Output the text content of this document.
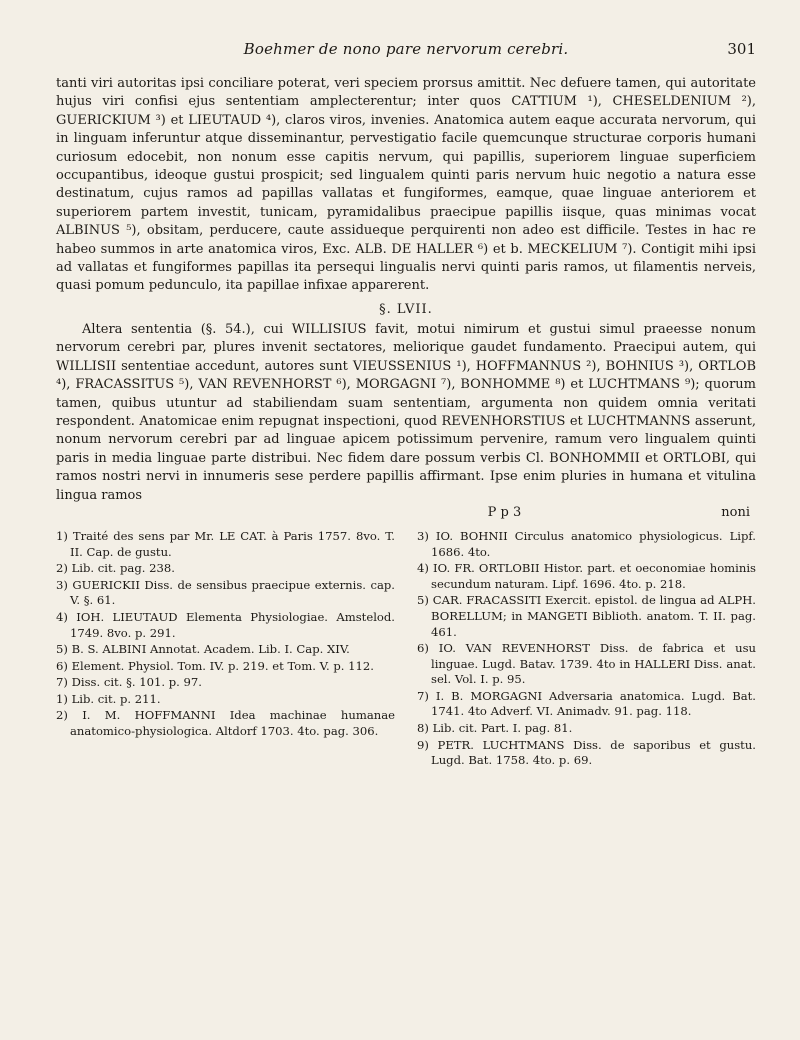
Boehmer de nono pare nervorum cerebri.	301

tanti viri autoritas ipsi conciliare poterat, veri speciem prorsus amittit. Nec defuere tamen, qui autoritate hujus viri confisi ejus sententiam amplecterentur; inter quos CATTIUM ¹), CHESELDENIUM ²), GUERICKIUM ³) et LIEUTAUD ⁴), claros viros, invenies. Anatomica autem eaque accurata nervorum, qui in linguam inferuntur atque disseminantur, pervestigatio facile quemcunque structurae corporis humani curiosum edocebit, non nonum esse capitis nervum, qui papillis, superiorem linguae superficiem occupantibus, ideoque gustui prospicit; sed lingualem quinti paris nervum huic negotio a natura esse destinatum, cujus ramos ad papillas vallatas et fungiformes, eamque, quae linguae anteriorem et superiorem partem investit, tunicam, pyramidalibus praecipue papillis iisque, quas minimas vocat ALBINUS ⁵), obsitam, perducere, caute assidueque perquirenti non adeo est difficile. Testes in hac re habeo summos in arte anatomica viros, Exc. ALB. DE HALLER ⁶) et b. MECKELIUM ⁷). Contigit mihi ipsi ad vallatas et fungiformes papillas ita persequi lingualis nervi quinti paris ramos, ut filamentis nerveis, quasi pomum pedunculo, ita papillae infixae apparerent.

§. LVII.

Altera sententia (§. 54.), cui WILLISIUS favit, motui nimirum et gustui simul praeesse nonum nervorum cerebri par, plures invenit sectatores, meliorique gaudet fundamento. Praecipui autem, qui WILLISII sententiae accedunt, autores sunt VIEUSSENIUS ¹), HOFFMANNUS ²), BOHNIUS ³), ORTLOB ⁴), FRACASSITUS ⁵), VAN REVENHORST ⁶), MORGAGNI ⁷), BONHOMME ⁸) et LUCHTMANS ⁹); quorum tamen, quibus utuntur ad stabiliendam suam sententiam, argumenta non quidem omnia veritati respondent. Anatomicae enim repugnat inspectioni, quod REVENHORSTIUS et LUCHTMANNS asserunt, nonum nervorum cerebri par ad linguae apicem potissimum pervenire, ramum vero lingualem quinti paris in media linguae parte distribui. Nec fidem dare possum verbis Cl. BONHOMMII et ORTLOBI, qui ramos nostri nervi in innumeris sese perdere papillis affirmant. Ipse enim pluries in humana et vitulina lingua ramos

P p 3	noni

1) Traité des sens par Mr. LE CAT. à Paris 1757. 8vo. T. II. Cap. de gustu.

2) Lib. cit. pag. 238.

3) GUERICKII Diss. de sensibus praecipue externis. cap. V. §. 61.

4) IOH. LIEUTAUD Elementa Physiologiae. Amstelod. 1749. 8vo. p. 291.

5) B. S. ALBINI Annotat. Academ. Lib. I. Cap. XIV.

6) Element. Physiol. Tom. IV. p. 219. et Tom. V. p. 112.

7) Diss. cit. §. 101. p. 97.

1) Lib. cit. p. 211.

2) I. M. HOFFMANNI Idea machinae humanae anatomico-physiologica. Altdorf 1703. 4to. pag. 306.

3) IO. BOHNII Circulus anatomico physiologicus. Lipf. 1686. 4to.

4) IO. FR. ORTLOBII Histor. part. et oeconomiae hominis secundum naturam. Lipf. 1696. 4to. p. 218.

5) CAR. FRACASSITI Exercit. epistol. de lingua ad ALPH. BORELLUM; in MANGETI Biblioth. anatom. T. II. pag. 461.

6) IO. VAN REVENHORST Diss. de fabrica et usu linguae. Lugd. Batav. 1739. 4to in HALLERI Diss. anat. sel. Vol. I. p. 95.

7) I. B. MORGAGNI Adversaria anatomica. Lugd. Bat. 1741. 4to Adverf. VI. Animadv. 91. pag. 118.

8) Lib. cit. Part. I. pag. 81.

9) PETR. LUCHTMANS Diss. de saporibus et gustu. Lugd. Bat. 1758. 4to. p. 69.
